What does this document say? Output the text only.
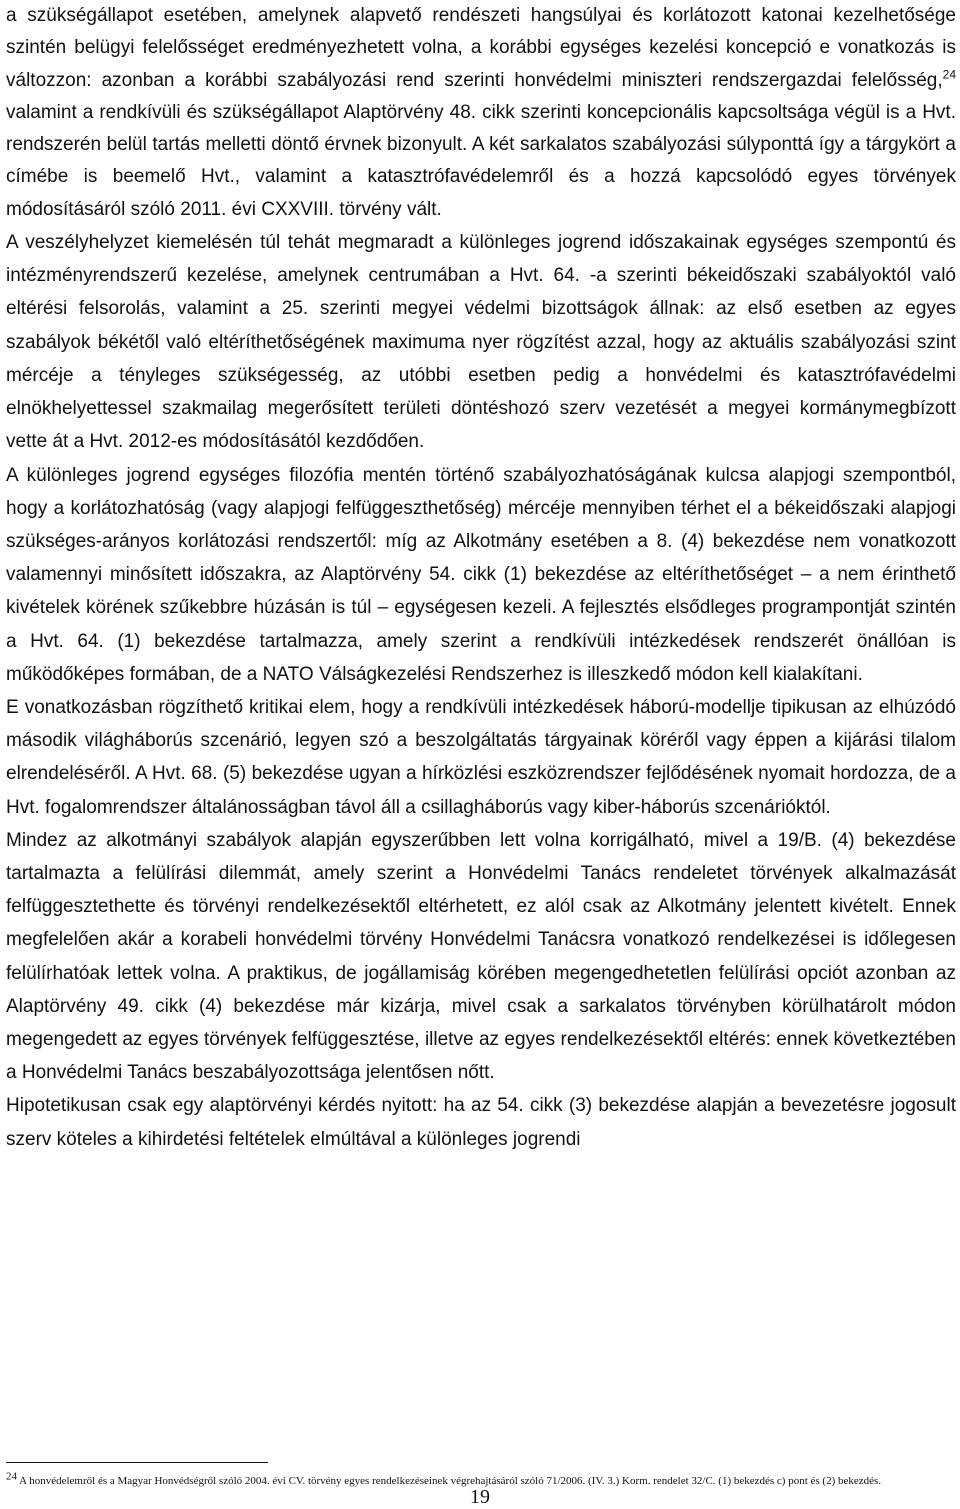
a szükségállapot esetében, amelynek alapvető rendészeti hangsúlyai és korlátozott katonai kezelhetősége szintén belügyi felelősséget eredményezhetett volna, a korábbi egységes kezelési koncepció e vonatkozás is változzon: azonban a korábbi szabályozási rend szerinti honvédelmi miniszteri rendszergazdai felelősség,$^{24}$ valamint a rendkívüli és szükségállapot Alaptörvény 48. cikk szerinti koncepcionális kapcsoltsága végül is a Hvt. rendszerén belül tartás melletti döntő érvnek bizonyult. A két sarkalatos szabályozási súlyponttá így a tárgykört a címébe is beemelő Hvt., valamint a katasztrófavédelemről és a hozzá kapcsolódó egyes törvények módosításáról szóló 2011. évi CXXVIII. törvény vált.

A veszélyhelyzet kiemelésén túl tehát megmaradt a különleges jogrend időszakainak egységes szempontú és intézményrendszerű kezelése, amelynek centrumában a Hvt. 64. -a szerinti békeidőszaki szabályoktól való eltérési felsorolás, valamint a 25. szerinti megyei védelmi bizottságok állnak: az első esetben az egyes szabályok békétől való eltéríthetőségének maximuma nyer rögzítést azzal, hogy az aktuális szabályozási szint mércéje a tényleges szükségesség, az utóbbi esetben pedig a honvédelmi és katasztrófavédelmi elnökhelyettessel szakmailag megerősített területi döntéshozó szerv vezetését a megyei kormánymegbízott vette át a Hvt. 2012-es módosításától kezdődően.

A különleges jogrend egységes filozófia mentén történő szabályozhatóságának kulcsa alapjogi szempontból, hogy a korlátozhatóság (vagy alapjogi felfüggeszthetőség) mércéje mennyiben térhet el a békeidőszaki alapjogi szükséges-arányos korlátozási rendszertől: míg az Alkotmány esetében a 8. (4) bekezdése nem vonatkozott valamennyi minősített időszakra, az Alaptörvény 54. cikk (1) bekezdése az eltéríthetőséget – a nem érinthető kivételek körének szűkebbre húzásán is túl – egységesen kezeli. A fejlesztés elsődleges programpontját szintén a Hvt. 64. (1) bekezdése tartalmazza, amely szerint a rendkívüli intézkedések rendszerét önállóan is működőképes formában, de a NATO Válságkezelési Rendszerhez is illeszkedő módon kell kialakítani.

E vonatkozásban rögzíthető kritikai elem, hogy a rendkívüli intézkedések háború-modellje tipikusan az elhúzódó második világháborús szcenárió, legyen szó a beszolgáltatás tárgyainak köréről vagy éppen a kijárási tilalom elrendeléséről. A Hvt. 68. (5) bekezdése ugyan a hírközlési eszközrendszer fejlődésének nyomait hordozza, de a Hvt. fogalomrendszer általánosságban távol áll a csillagháborús vagy kiber-háborús szcenárióktól.

Mindez az alkotmányi szabályok alapján egyszerűbben lett volna korrigálható, mivel a 19/B. (4) bekezdése tartalmazta a felülírási dilemmát, amely szerint a Honvédelmi Tanács rendeletet törvények alkalmazását felfüggesztethette és törvényi rendelkezésektől eltérhetett, ez alól csak az Alkotmány jelentett kivételt. Ennek megfelelően akár a korabeli honvédelmi törvény Honvédelmi Tanácsra vonatkozó rendelkezései is időlegesen felülírhatóak lettek volna. A praktikus, de jogállamiság körében megengedhetetlen felülírási opciót azonban az Alaptörvény 49. cikk (4) bekezdése már kizárja, mivel csak a sarkalatos törvényben körülhatárolt módon megengedett az egyes törvények felfüggesztése, illetve az egyes rendelkezésektől eltérés: ennek következtében a Honvédelmi Tanács beszabályozottsága jelentősen nőtt.

Hipotetikusan csak egy alaptörvényi kérdés nyitott: ha az 54. cikk (3) bekezdése alapján a bevezetésre jogosult szerv köteles a kihirdetési feltételek elmúltával a különleges jogrendi

$^{24}$ A honvédelemről és a Magyar Honvédségről szóló 2004. évi CV. törvény egyes rendelkezéseinek végrehajtásáról szóló 71/2006. (IV. 3.) Korm. rendelet 32/C. (1) bekezdés c) pont és (2) bekezdés.
19
